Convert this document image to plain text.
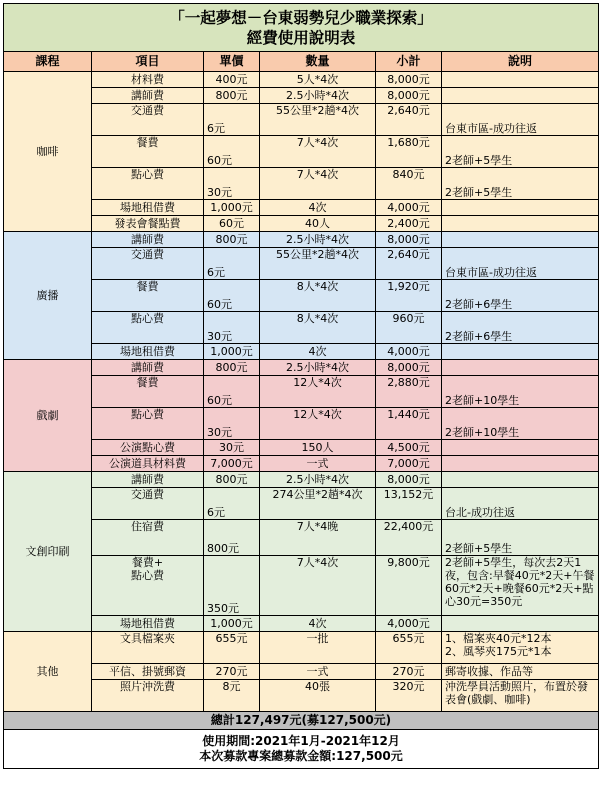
「一起夢想－台東弱勢兒少職業探索」
經費使用說明表					

課程	項目	單價	數量	小計	說明
咖啡	材料費	400元	5人*4次	8,000元	
	講師費	800元	2.5小時*4次	8,000元	
	交通費	6元	55公里*2趟*4次	2,640元	台東市區-成功往返
	餐費	60元	7人*4次	1,680元	2老師+5學生
	點心費	30元	7人*4次	840元	2老師+5學生
	場地租借費	1,000元	4次	4,000元	
	發表會餐點費	60元	40人	2,400元	
廣播	講師費	800元	2.5小時*4次	8,000元	
	交通費	6元	55公里*2趟*4次	2,640元	台東市區-成功往返
	餐費	60元	8人*4次	1,920元	2老師+6學生
	點心費	30元	8人*4次	960元	2老師+6學生
	場地租借費	1,000元	4次	4,000元	
戲劇	講師費	800元	2.5小時*4次	8,000元	
	餐費	60元	12人*4次	2,880元	2老師+10學生
	點心費	30元	12人*4次	1,440元	2老師+10學生
	公演點心費	30元	150人	4,500元	
	公演道具材料費	7,000元	一式	7,000元	
文創印刷	講師費	800元	2.5小時*4次	8,000元	
	交通費	6元	274公里*2趟*4次	13,152元	台北-成功往返
	住宿費	800元	7人*4晚	22,400元	2老師+5學生

	餐費+
點心費	350元	7人*4次	9,800元	2老師+5學生，每次去2天1夜，包含:早餐40元*2天+午餐60元*2天+晚餐60元*2天+點心30元=350元
	場地租借費	1,000元	4次	4,000元	
其他	文具檔案夾	655元	一批	655元	1、檔案夾40元*12本
2、風琴夾175元*1本

	平信、掛號郵資	270元	一式	270元	郵寄收據、作品等
	照片沖洗費	8元	40張	320元	沖洗學員活動照片，布置於發表會(戲劇、咖啡)
總計127,497元(募127,500元)					

使用期間:2021年1月-2021年12月
本次募款專案總募款金額:127,500元					
